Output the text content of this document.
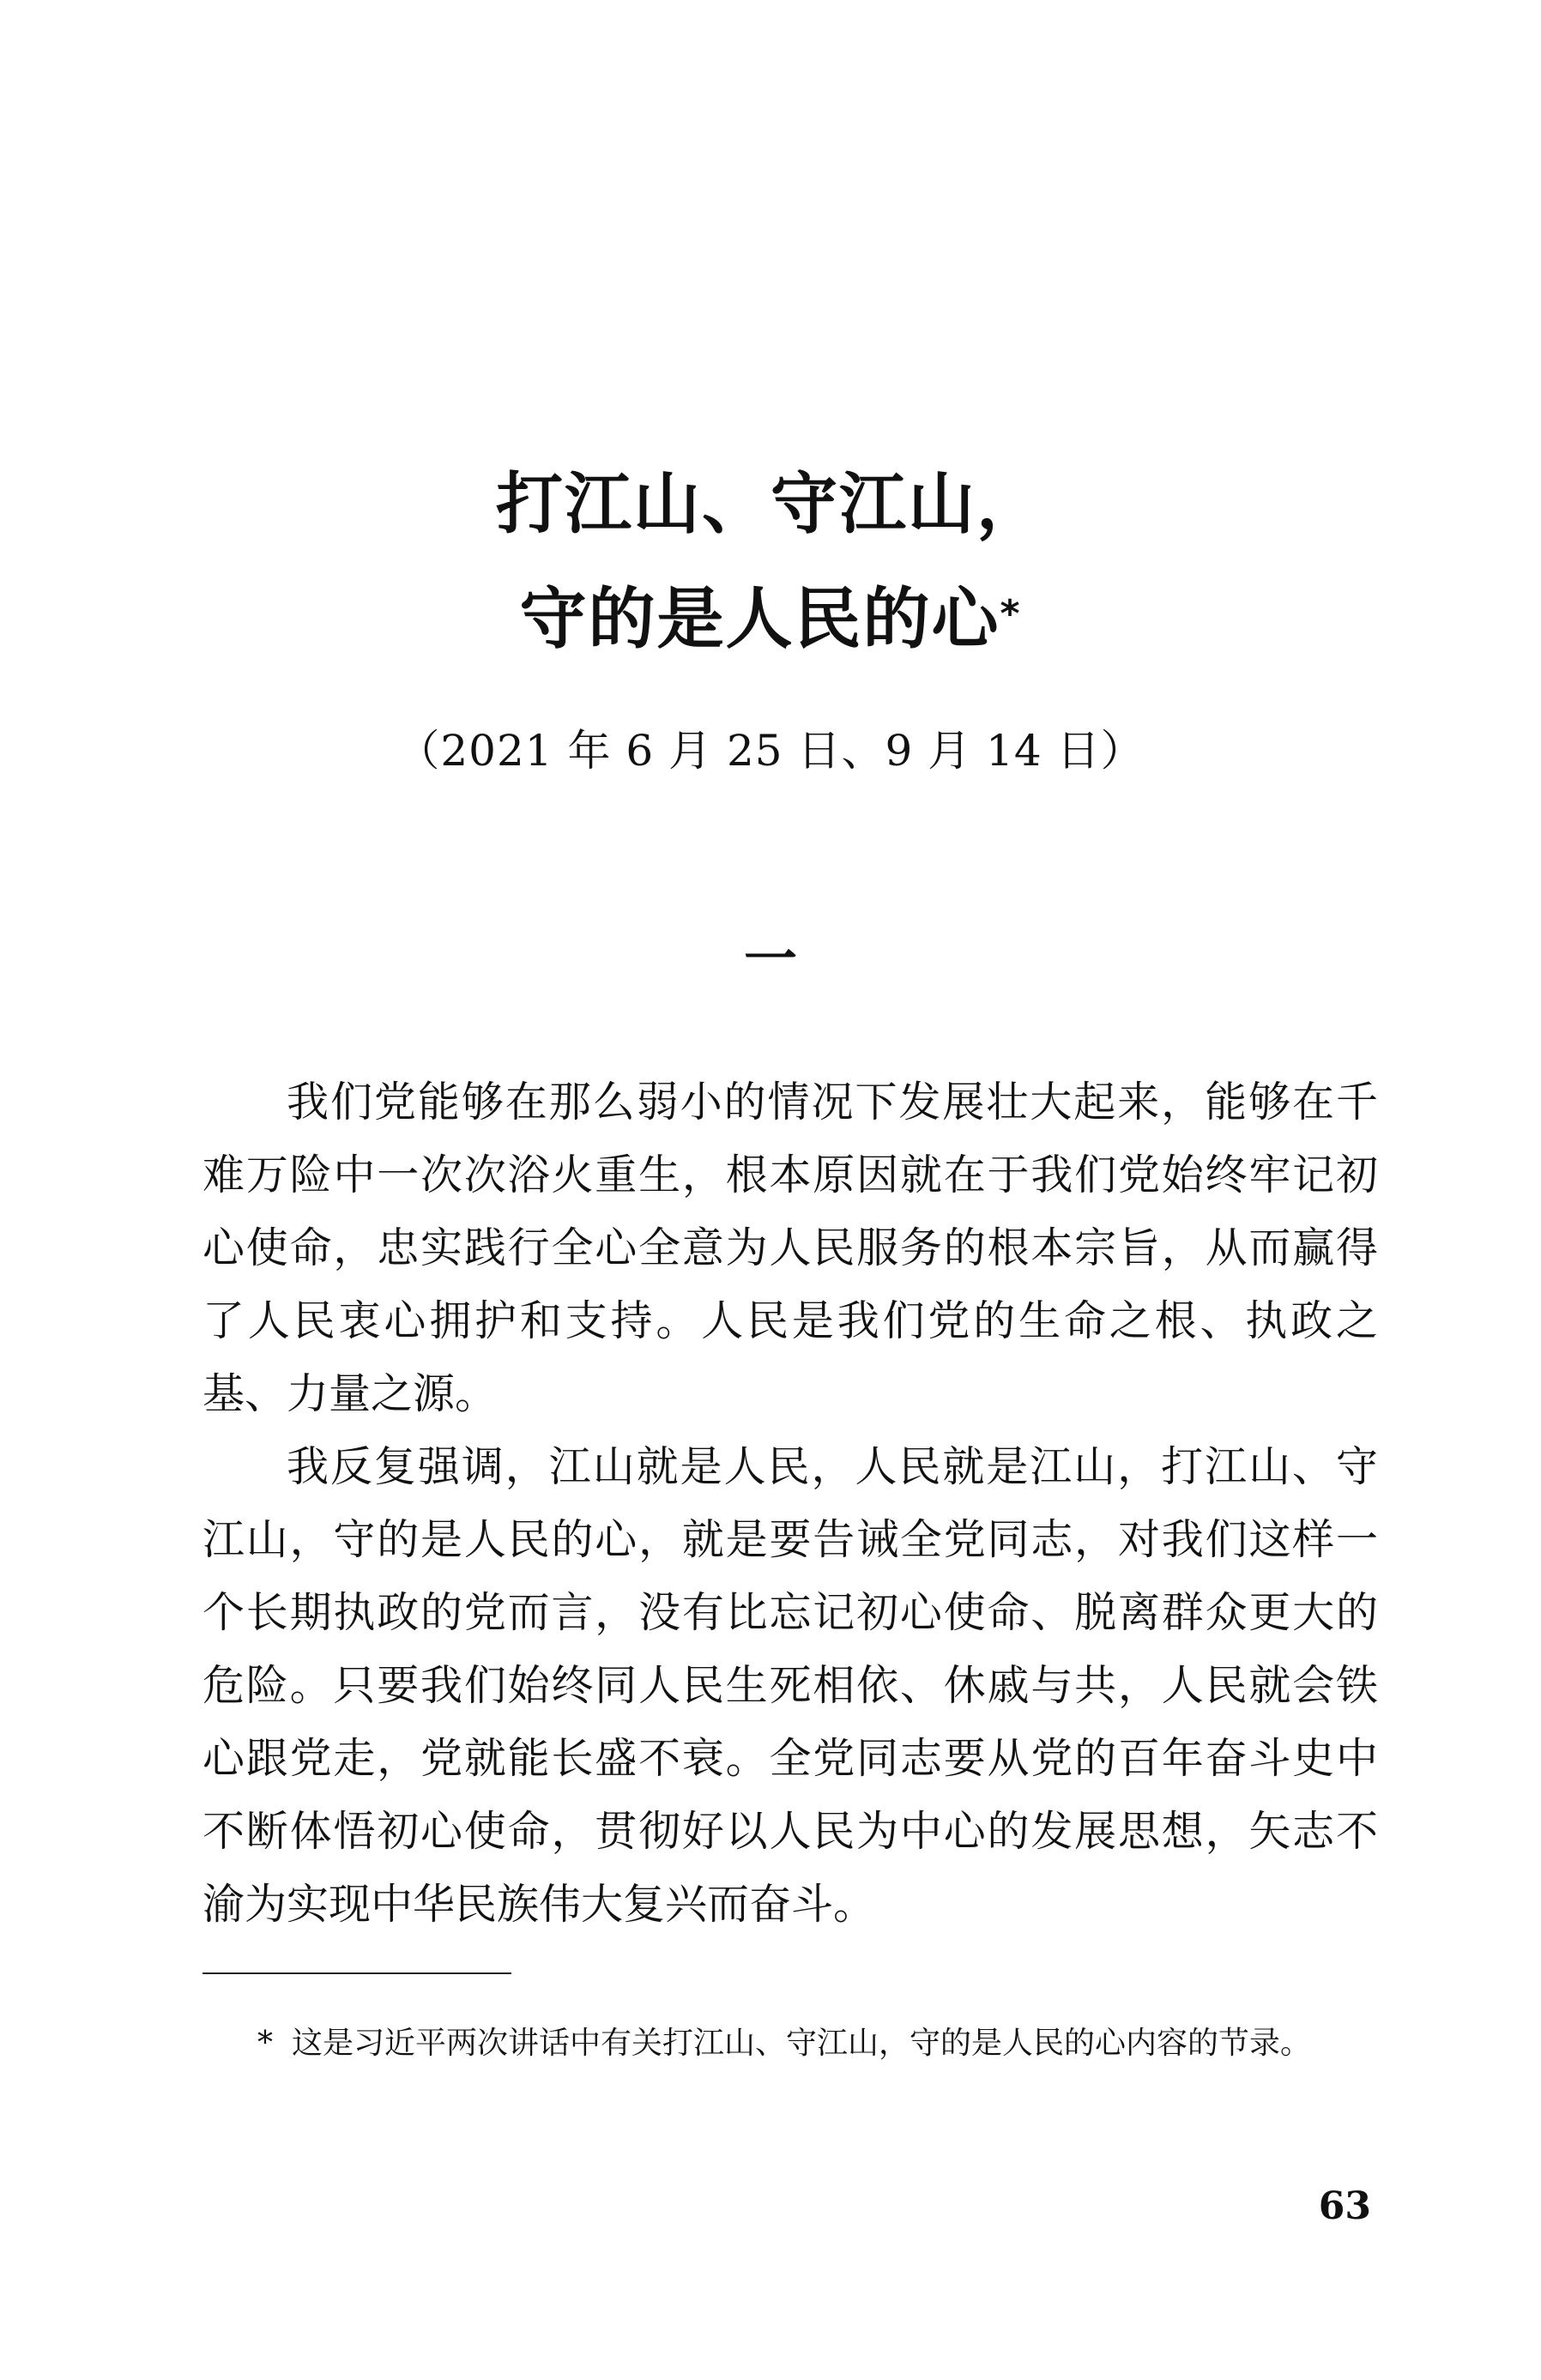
打江山、守江山，
守的是人民的心*
（2021 年 6 月 25 日、9 月 14 日）
一

我们党能够在那么弱小的情况下发展壮大起来，能够在千难万险中一次次浴火重生，根本原因就在于我们党始终牢记初心使命，忠实践行全心全意为人民服务的根本宗旨，从而赢得了人民衷心拥护和支持。人民是我们党的生命之根、执政之基、力量之源。

我反复强调，江山就是人民，人民就是江山，打江山、守江山，守的是人民的心，就是要告诫全党同志，对我们这样一个长期执政的党而言，没有比忘记初心使命、脱离群众更大的危险。只要我们始终同人民生死相依、休戚与共，人民就会铁心跟党走，党就能长盛不衰。全党同志要从党的百年奋斗史中不断体悟初心使命，贯彻好以人民为中心的发展思想，矢志不渝为实现中华民族伟大复兴而奋斗。

* 这是习近平两次讲话中有关打江山、守江山，守的是人民的心内容的节录。
63
